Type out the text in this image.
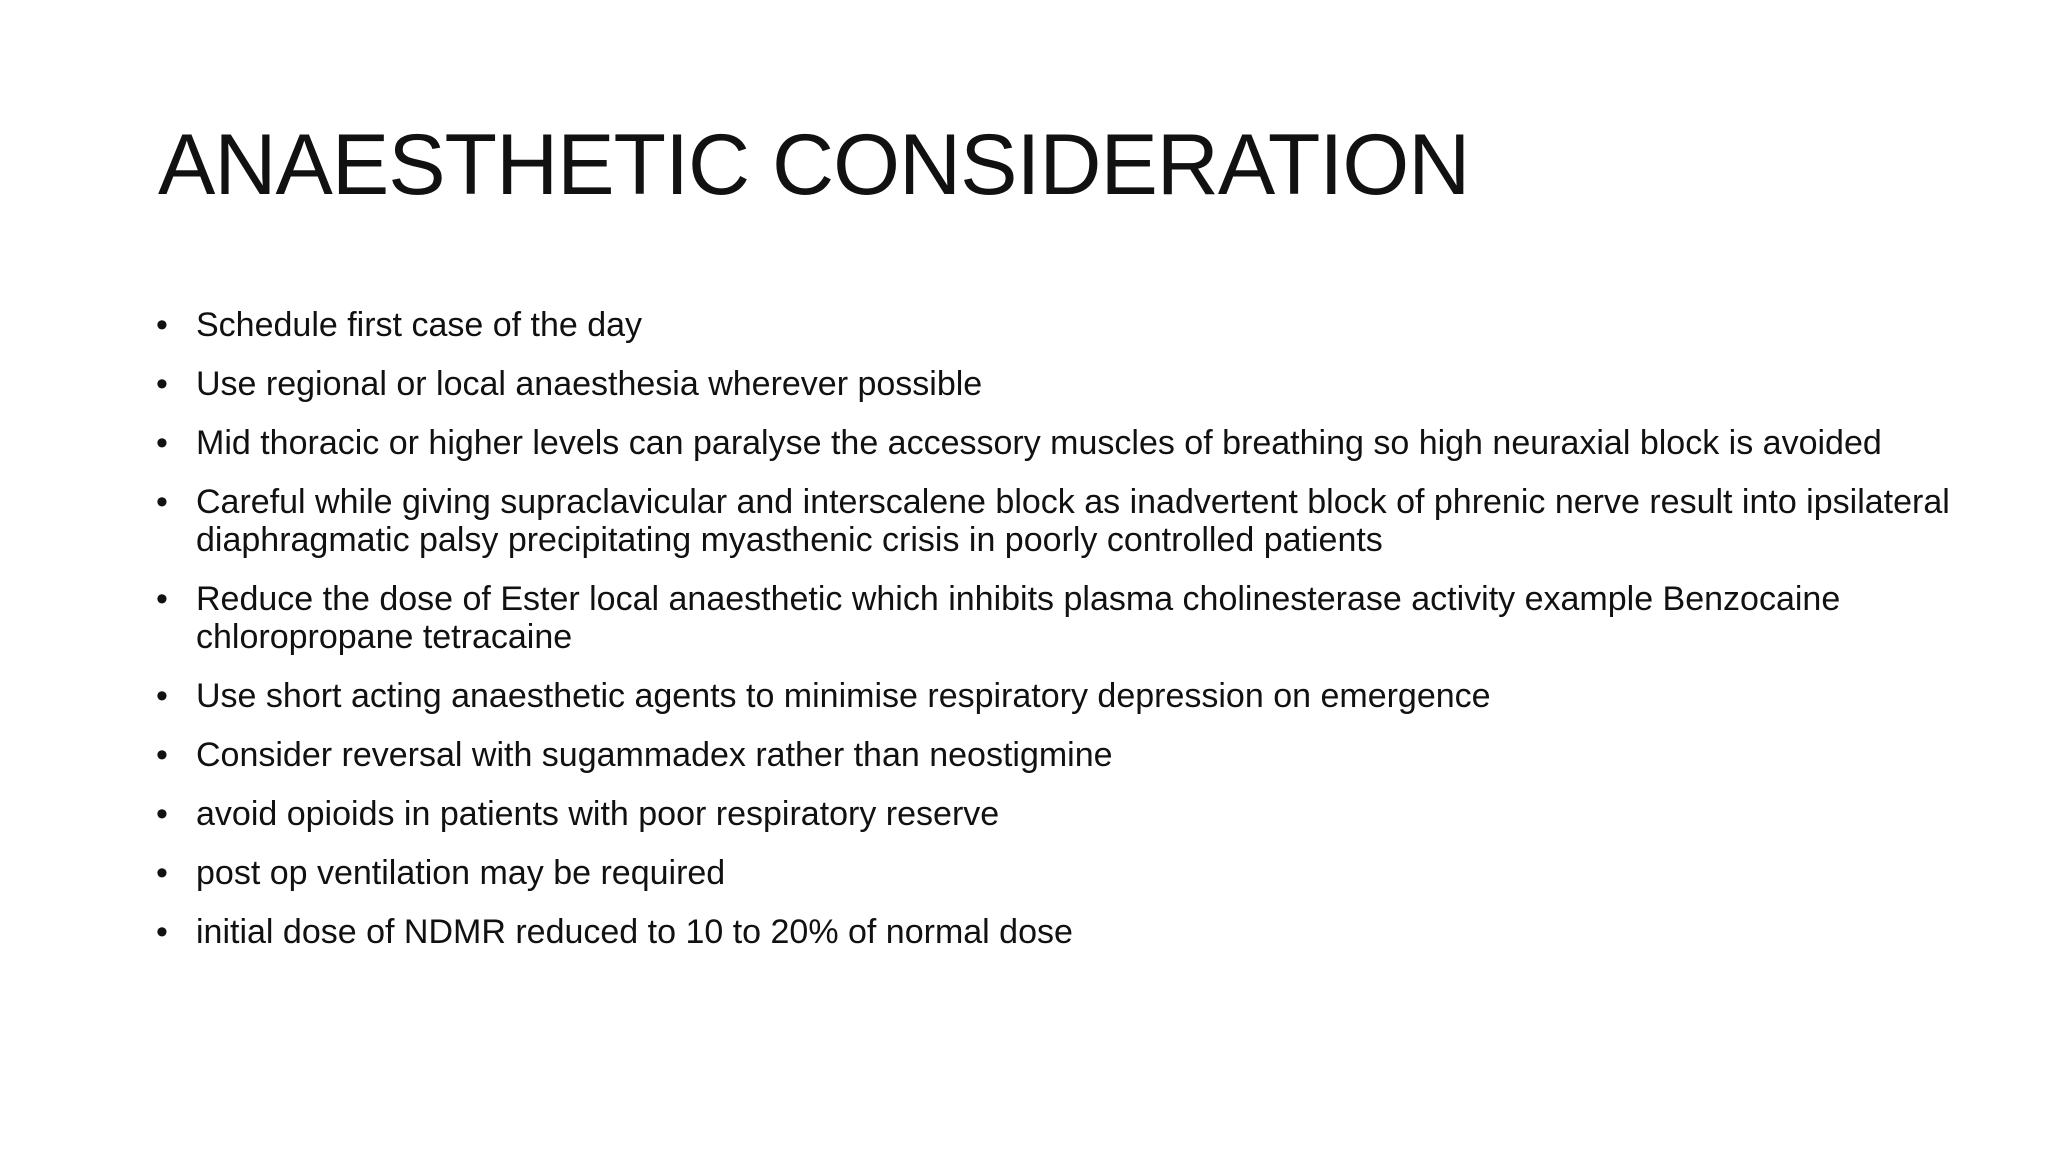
ANAESTHETIC CONSIDERATION
• Schedule first case of the day
• Use regional or local anaesthesia wherever possible
• Mid thoracic or higher levels can paralyse the accessory muscles of breathing so high neuraxial block is avoided
• Careful while giving supraclavicular and interscalene block as inadvertent block of phrenic nerve result into ipsilateral diaphragmatic palsy precipitating myasthenic crisis in poorly controlled patients
• Reduce the dose of Ester local anaesthetic which inhibits plasma cholinesterase activity example Benzocaine chloropropane tetracaine
• Use short acting anaesthetic agents to minimise respiratory depression on emergence
• Consider reversal with sugammadex rather than neostigmine
• avoid opioids in patients with poor respiratory reserve
• post op ventilation may be required
• initial dose of NDMR reduced to 10 to 20% of normal dose
